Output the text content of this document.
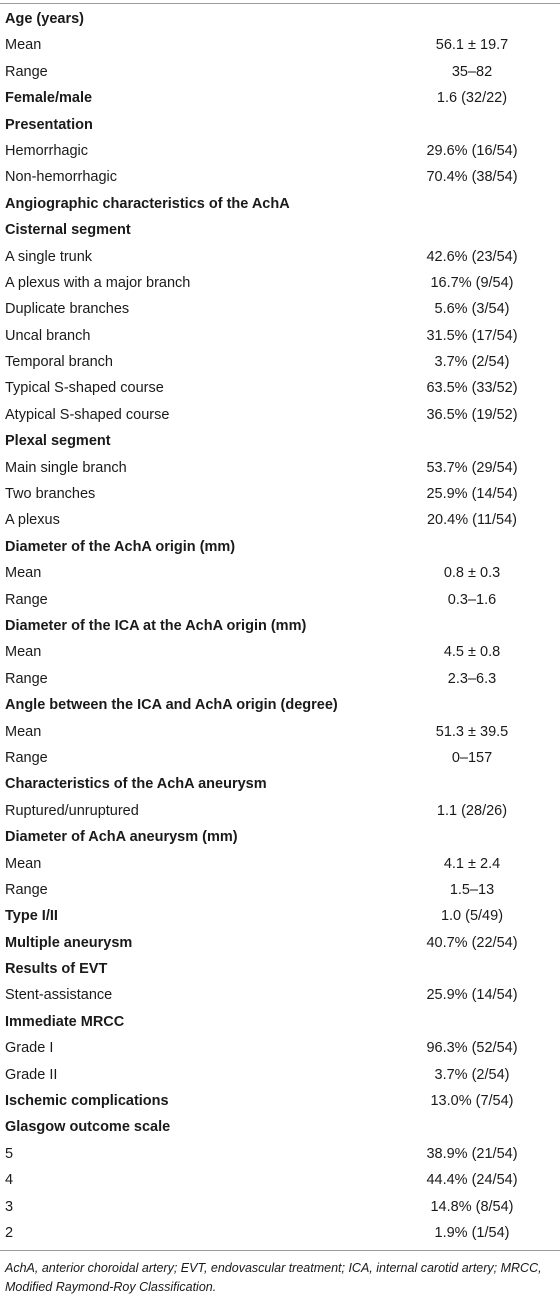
Age (years)
Mean	56.1 ± 19.7
Range	35–82
Female/male	1.6 (32/22)
Presentation
Hemorrhagic	29.6% (16/54)
Non-hemorrhagic	70.4% (38/54)
Angiographic characteristics of the AchA
Cisternal segment
A single trunk	42.6% (23/54)
A plexus with a major branch	16.7% (9/54)
Duplicate branches	5.6% (3/54)
Uncal branch	31.5% (17/54)
Temporal branch	3.7% (2/54)
Typical S-shaped course	63.5% (33/52)
Atypical S-shaped course	36.5% (19/52)
Plexal segment
Main single branch	53.7% (29/54)
Two branches	25.9% (14/54)
A plexus	20.4% (11/54)
Diameter of the AchA origin (mm)
Mean	0.8 ± 0.3
Range	0.3–1.6
Diameter of the ICA at the AchA origin (mm)
Mean	4.5 ± 0.8
Range	2.3–6.3
Angle between the ICA and AchA origin (degree)
Mean	51.3 ± 39.5
Range	0–157
Characteristics of the AchA aneurysm
Ruptured/unruptured	1.1 (28/26)
Diameter of AchA aneurysm (mm)
Mean	4.1 ± 2.4
Range	1.5–13
Type I/II	1.0 (5/49)
Multiple aneurysm	40.7% (22/54)
Results of EVT
Stent-assistance	25.9% (14/54)
Immediate MRCC
Grade I	96.3% (52/54)
Grade II	3.7% (2/54)
Ischemic complications	13.0% (7/54)
Glasgow outcome scale
5	38.9% (21/54)
4	44.4% (24/54)
3	14.8% (8/54)
2	1.9% (1/54)
AchA, anterior choroidal artery; EVT, endovascular treatment; ICA, internal carotid artery; MRCC, Modified Raymond-Roy Classification.
